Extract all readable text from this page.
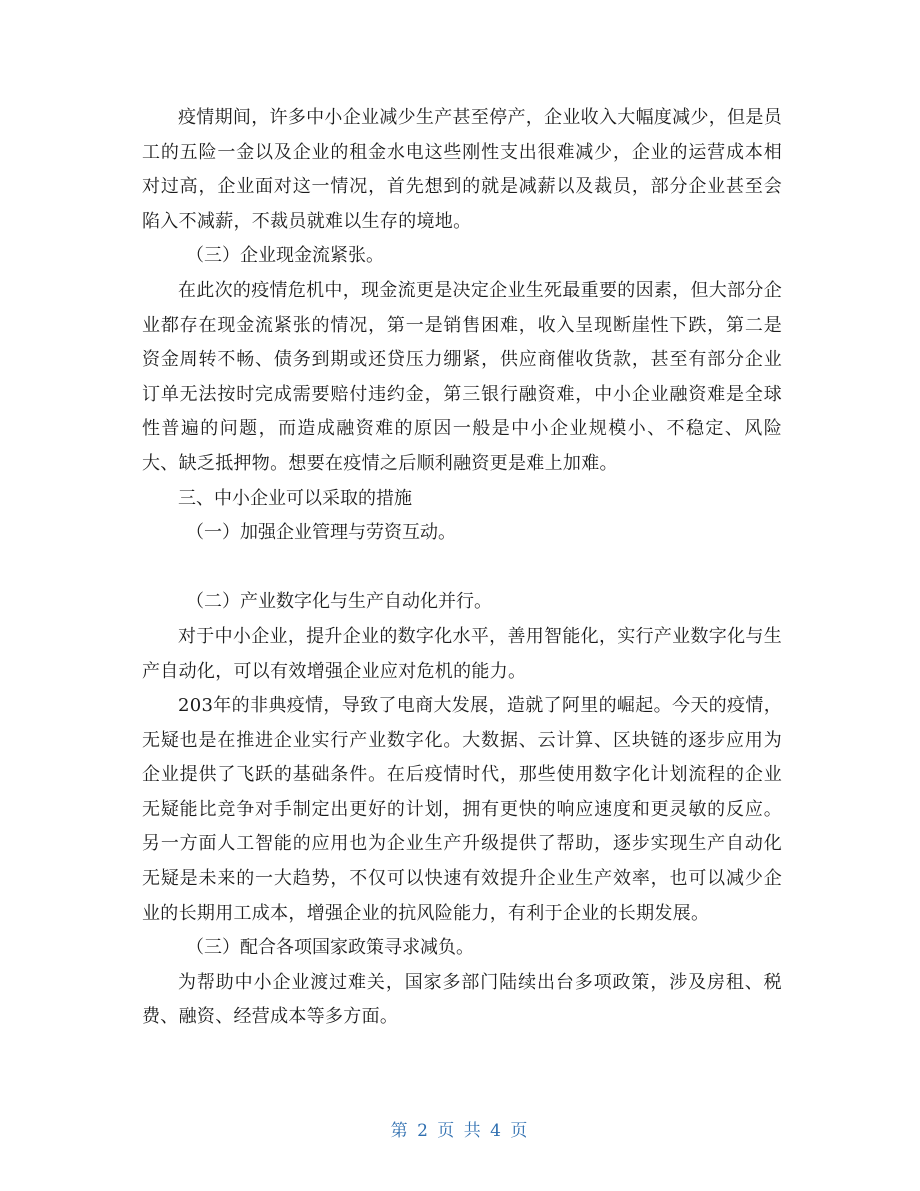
疫情期间，许多中小企业减少生产甚至停产，企业收入大幅度减少，但是员工的五险一金以及企业的租金水电这些刚性支出很难减少，企业的运营成本相对过高，企业面对这一情况，首先想到的就是减薪以及裁员，部分企业甚至会陷入不减薪，不裁员就难以生存的境地。

（三）企业现金流紧张。

在此次的疫情危机中，现金流更是决定企业生死最重要的因素，但大部分企业都存在现金流紧张的情况，第一是销售困难，收入呈现断崖性下跌，第二是资金周转不畅、债务到期或还贷压力绷紧，供应商催收货款，甚至有部分企业订单无法按时完成需要赔付违约金，第三银行融资难，中小企业融资难是全球性普遍的问题，而造成融资难的原因一般是中小企业规模小、不稳定、风险大、缺乏抵押物。想要在疫情之后顺利融资更是难上加难。

三、中小企业可以采取的措施

（一）加强企业管理与劳资互动。

（二）产业数字化与生产自动化并行。

对于中小企业，提升企业的数字化水平，善用智能化，实行产业数字化与生产自动化，可以有效增强企业应对危机的能力。

203年的非典疫情，导致了电商大发展，造就了阿里的崛起。今天的疫情，无疑也是在推进企业实行产业数字化。大数据、云计算、区块链的逐步应用为企业提供了飞跃的基础条件。在后疫情时代，那些使用数字化计划流程的企业无疑能比竞争对手制定出更好的计划，拥有更快的响应速度和更灵敏的反应。另一方面人工智能的应用也为企业生产升级提供了帮助，逐步实现生产自动化无疑是未来的一大趋势，不仅可以快速有效提升企业生产效率，也可以减少企业的长期用工成本，增强企业的抗风险能力，有利于企业的长期发展。

（三）配合各项国家政策寻求减负。

为帮助中小企业渡过难关，国家多部门陆续出台多项政策，涉及房租、税费、融资、经营成本等多方面。

第 2 页 共 4 页
